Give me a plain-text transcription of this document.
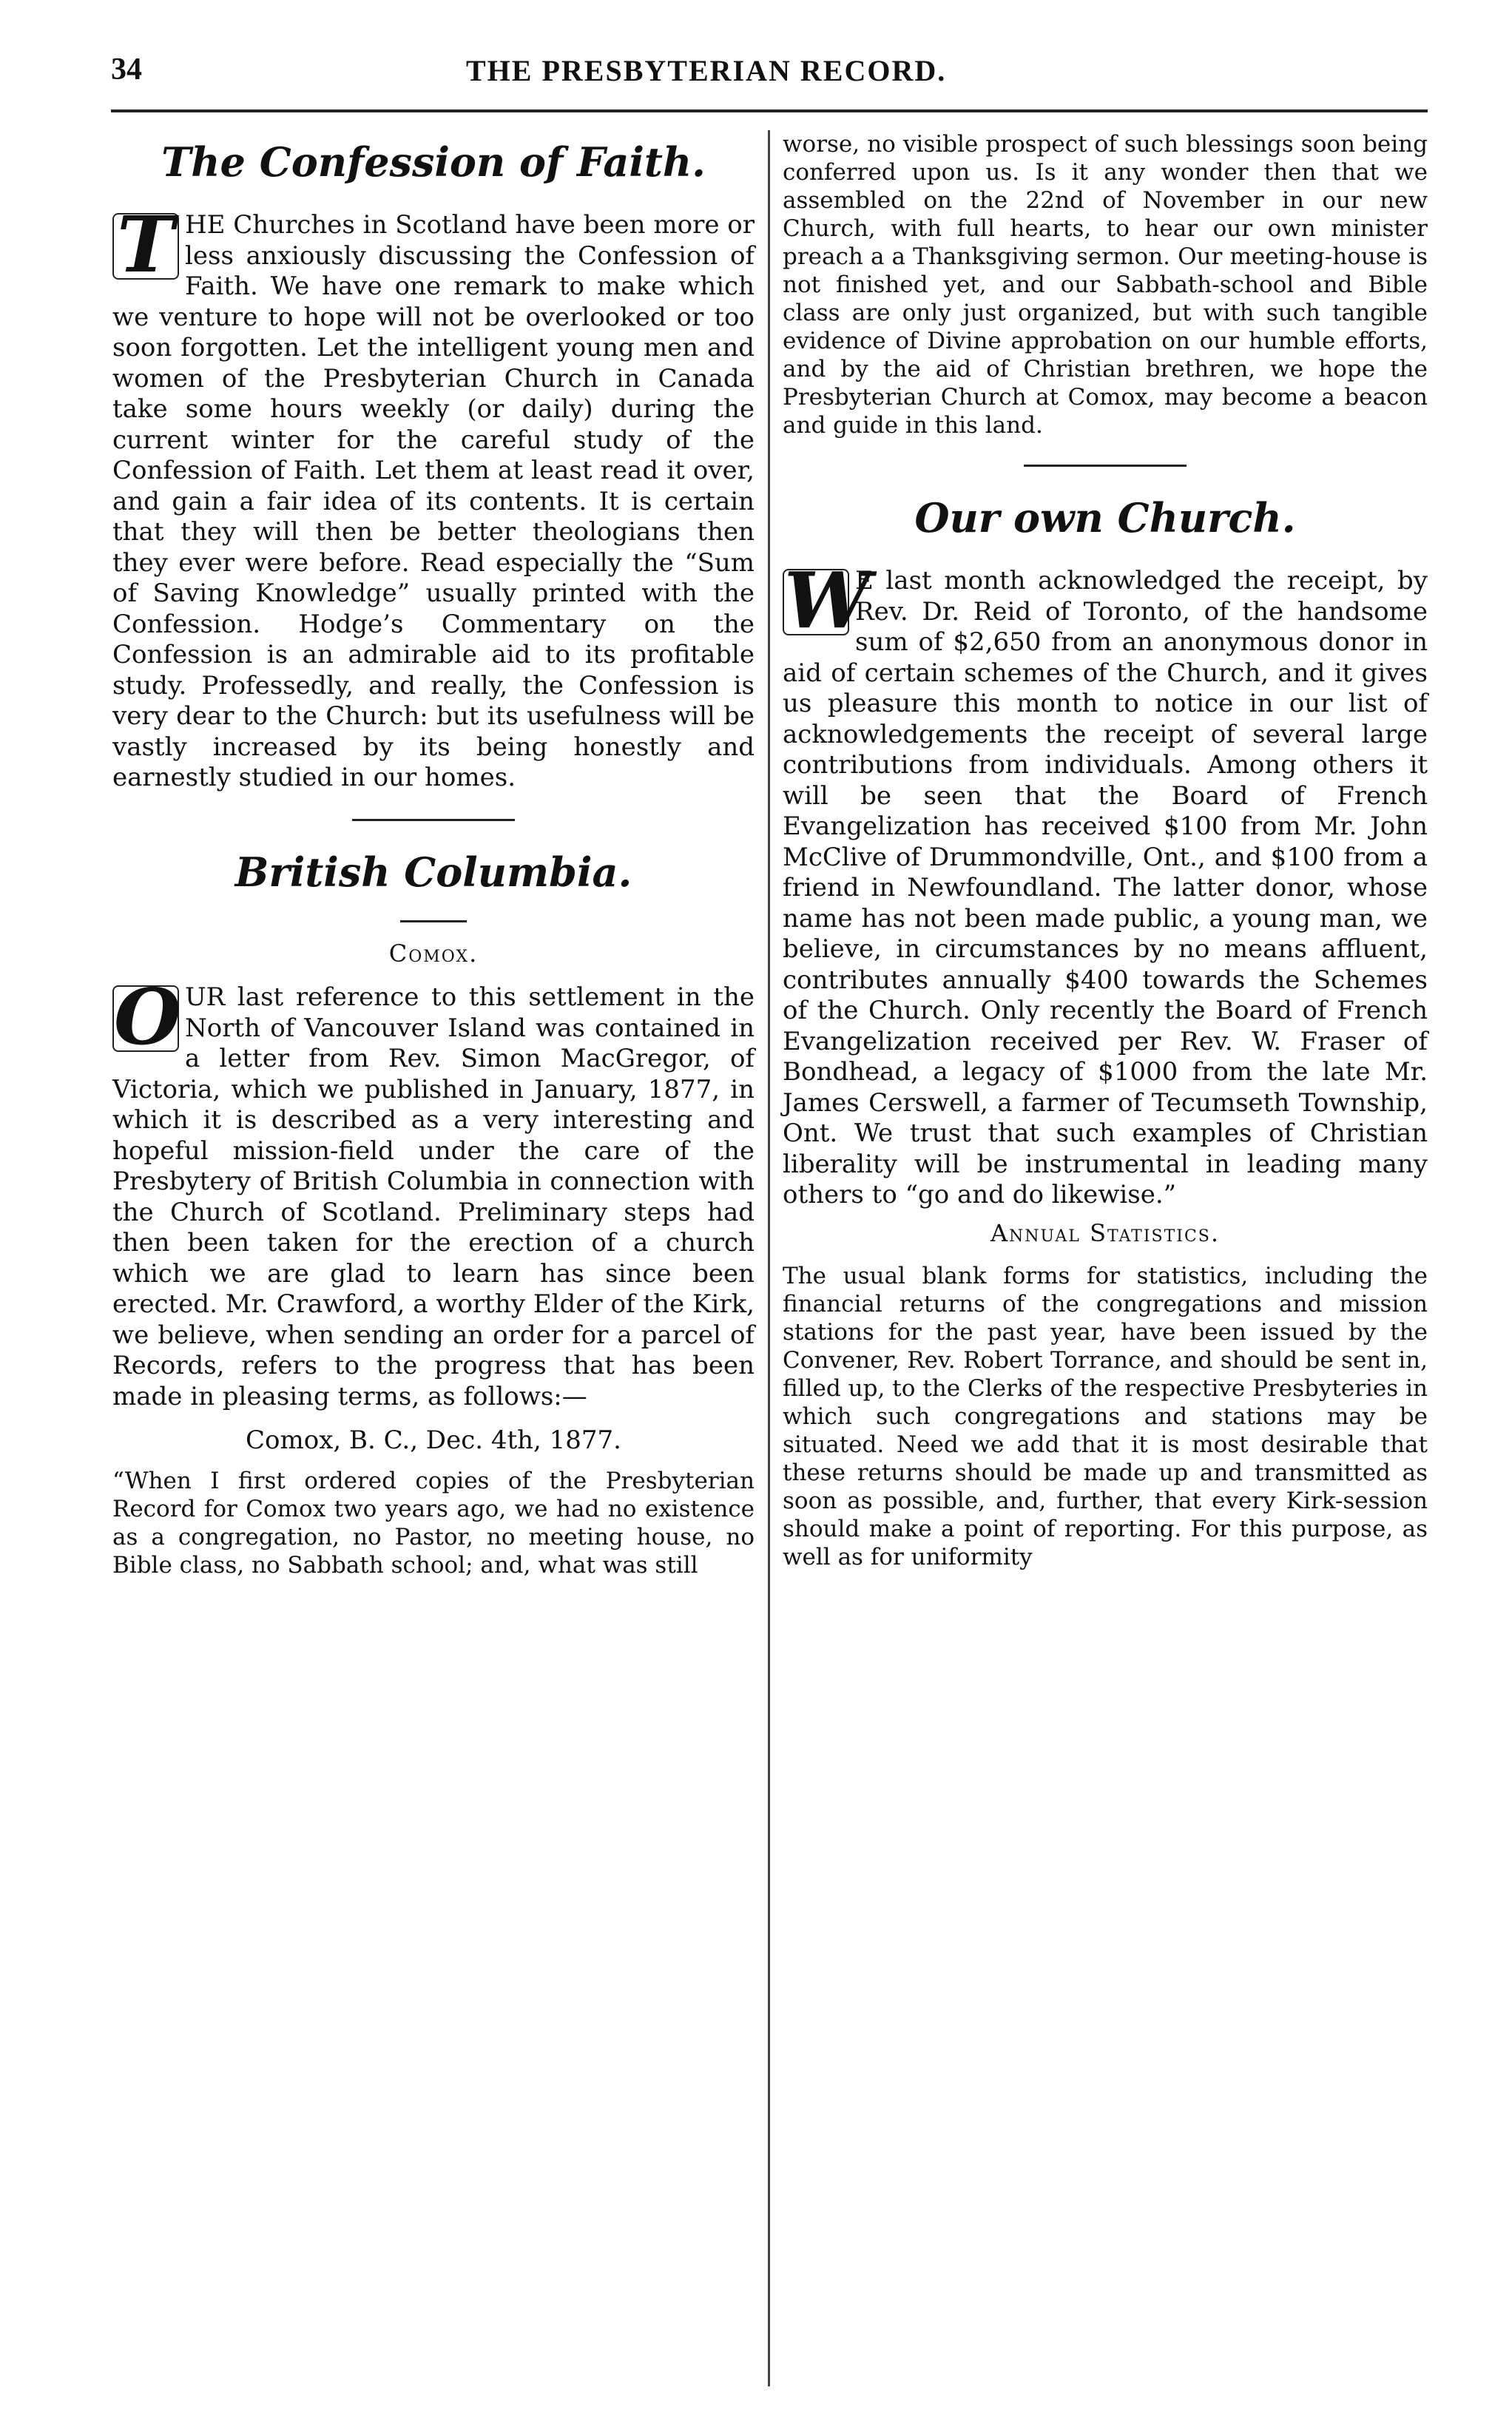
34	THE PRESBYTERIAN RECORD.
The Confession of Faith.

T HE Churches in Scotland have been more or less anxiously discussing the Confession of Faith. We have one remark to make which we venture to hope will not be overlooked or too soon forgotten. Let the intelligent young men and women of the Presbyterian Church in Canada take some hours weekly (or daily) during the current winter for the careful study of the Confession of Faith. Let them at least read it over, and gain a fair idea of its contents. It is certain that they will then be better theologians then they ever were before. Read especially the “Sum of Saving Knowledge” usually printed with the Confession. Hodge’s Commentary on the Confession is an admirable aid to its profitable study. Professedly, and really, the Confession is very dear to the Church: but its usefulness will be vastly increased by its being honestly and earnestly studied in our homes.

British Columbia.
Comox.

O UR last reference to this settlement in the North of Vancouver Island was contained in a letter from Rev. Simon MacGregor, of Victoria, which we published in January, 1877, in which it is described as a very interesting and hopeful mission-field under the care of the Presbytery of British Columbia in connection with the Church of Scotland. Preliminary steps had then been taken for the erection of a church which we are glad to learn has since been erected. Mr. Crawford, a worthy Elder of the Kirk, we believe, when sending an order for a parcel of Records, refers to the progress that has been made in pleasing terms, as follows:—

Comox, B. C., Dec. 4th, 1877.

“When I first ordered copies of the Presbyterian Record for Comox two years ago, we had no existence as a congregation, no Pastor, no meeting house, no Bible class, no Sabbath school; and, what was still

worse, no visible prospect of such blessings soon being conferred upon us. Is it any wonder then that we assembled on the 22nd of November in our new Church, with full hearts, to hear our own minister preach a a Thanksgiving sermon. Our meeting-house is not finished yet, and our Sabbath-school and Bible class are only just organized, but with such tangible evidence of Divine approbation on our humble efforts, and by the aid of Christian brethren, we hope the Presbyterian Church at Comox, may become a beacon and guide in this land.

Our own Church.

W
E last month acknowledged the receipt, by Rev. Dr. Reid of Toronto, of the handsome sum of $2,650 from an anonymous donor in aid of certain schemes of the Church, and it gives us pleasure this month to notice in our list of acknowledgements the receipt of several large contributions from individuals. Among others it will be seen that the Board of French Evangelization has received $100 from Mr. John McClive of Drummondville, Ont., and $100 from a friend in Newfoundland. The latter donor, whose name has not been made public, a young man, we believe, in circumstances by no means affluent, contributes annually $400 towards the Schemes of the Church. Only recently the Board of French Evangelization received per Rev. W. Fraser of Bondhead, a legacy of $1000 from the late Mr. James Cerswell, a farmer of Tecumseth Township, Ont. We trust that such examples of Christian liberality will be instrumental in leading many others to “go and do likewise.”

Annual Statistics.

The usual blank forms for statistics, including the financial returns of the congregations and mission stations for the past year, have been issued by the Convener, Rev. Robert Torrance, and should be sent in, filled up, to the Clerks of the respective Presbyteries in which such congregations and stations may be situated. Need we add that it is most desirable that these returns should be made up and transmitted as soon as possible, and, further, that every Kirk-session should make a point of reporting. For this purpose, as well as for uniformity
